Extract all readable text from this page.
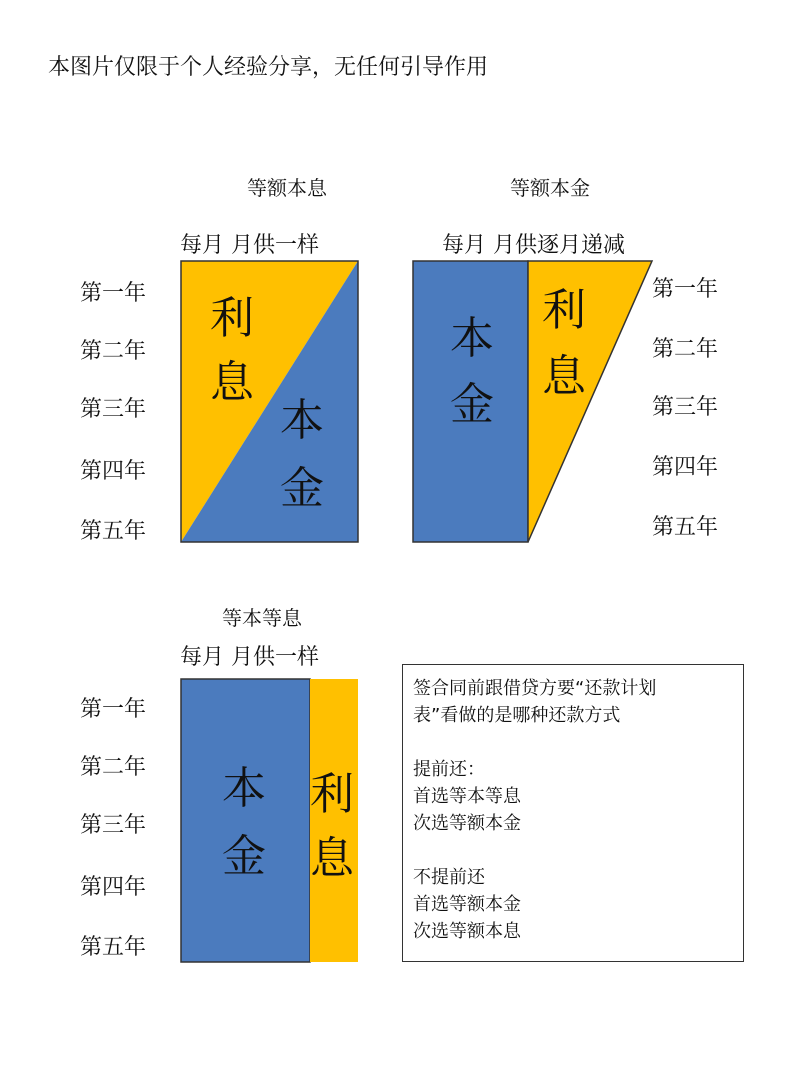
本图片仅限于个人经验分享，无任何引导作用
等额本息
每月 月供一样
利
息
本
金
第一年
第二年
第三年
第四年
第五年
等额本金
每月 月供逐月递减
本
金
利
息
第一年
第二年
第三年
第四年
第五年
等本等息
每月 月供一样
本
金
利
息
第一年
第二年
第三年
第四年
第五年
签合同前跟借贷方要“还款计划
表”看做的是哪种还款方式
提前还：
首选等本等息
次选等额本金
不提前还
首选等额本金
次选等额本息
